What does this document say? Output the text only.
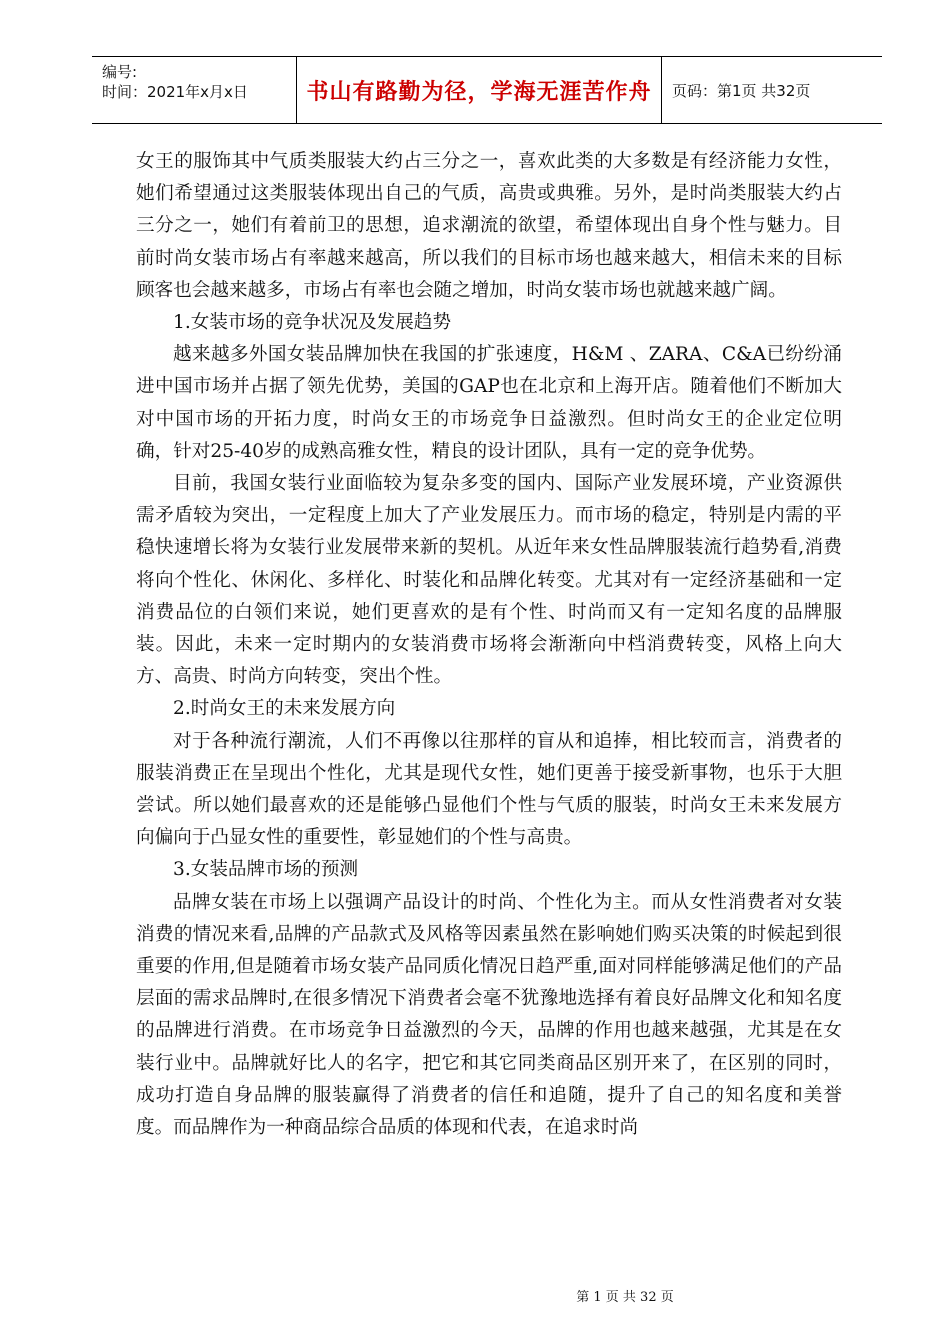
编号:
时间：2021年x月x日	书山有路勤为径，学海无涯苦作舟	页码：第1页 共32页

女王的服饰其中气质类服装大约占三分之一，喜欢此类的大多数是有经济能力女性，她们希望通过这类服装体现出自己的气质，高贵或典雅。另外，是时尚类服装大约占三分之一，她们有着前卫的思想，追求潮流的欲望，希望体现出自身个性与魅力。目前时尚女装市场占有率越来越高，所以我们的目标市场也越来越大，相信未来的目标顾客也会越来越多，市场占有率也会随之增加，时尚女装市场也就越来越广阔。

1.女装市场的竞争状况及发展趋势

越来越多外国女装品牌加快在我国的扩张速度，H&M 、ZARA、C&A已纷纷涌进中国市场并占据了领先优势，美国的GAP也在北京和上海开店。随着他们不断加大对中国市场的开拓力度，时尚女王的市场竞争日益激烈。但时尚女王的企业定位明确，针对25-40岁的成熟高雅女性，精良的设计团队，具有一定的竞争优势。

目前，我国女装行业面临较为复杂多变的国内、国际产业发展环境，产业资源供需矛盾较为突出，一定程度上加大了产业发展压力。而市场的稳定，特别是内需的平稳快速增长将为女装行业发展带来新的契机。从近年来女性品牌服装流行趋势看,消费将向个性化、休闲化、多样化、时装化和品牌化转变。尤其对有一定经济基础和一定消费品位的白领们来说，她们更喜欢的是有个性、时尚而又有一定知名度的品牌服装。因此，未来一定时期内的女装消费市场将会渐渐向中档消费转变，风格上向大方、高贵、时尚方向转变，突出个性。

2.时尚女王的未来发展方向

对于各种流行潮流，人们不再像以往那样的盲从和追捧，相比较而言，消费者的服装消费正在呈现出个性化，尤其是现代女性，她们更善于接受新事物，也乐于大胆尝试。所以她们最喜欢的还是能够凸显他们个性与气质的服装，时尚女王未来发展方向偏向于凸显女性的重要性，彰显她们的个性与高贵。

3.女装品牌市场的预测

品牌女装在市场上以强调产品设计的时尚、个性化为主。而从女性消费者对女装消费的情况来看,品牌的产品款式及风格等因素虽然在影响她们购买决策的时候起到很重要的作用,但是随着市场女装产品同质化情况日趋严重,面对同样能够满足他们的产品层面的需求品牌时,在很多情况下消费者会毫不犹豫地选择有着良好品牌文化和知名度的品牌进行消费。在市场竞争日益激烈的今天，品牌的作用也越来越强，尤其是在女装行业中。品牌就好比人的名字，把它和其它同类商品区别开来了，在区别的同时，成功打造自身品牌的服装赢得了消费者的信任和追随，提升了自己的知名度和美誉度。而品牌作为一种商品综合品质的体现和代表，在追求时尚

第 1 页 共 32 页
